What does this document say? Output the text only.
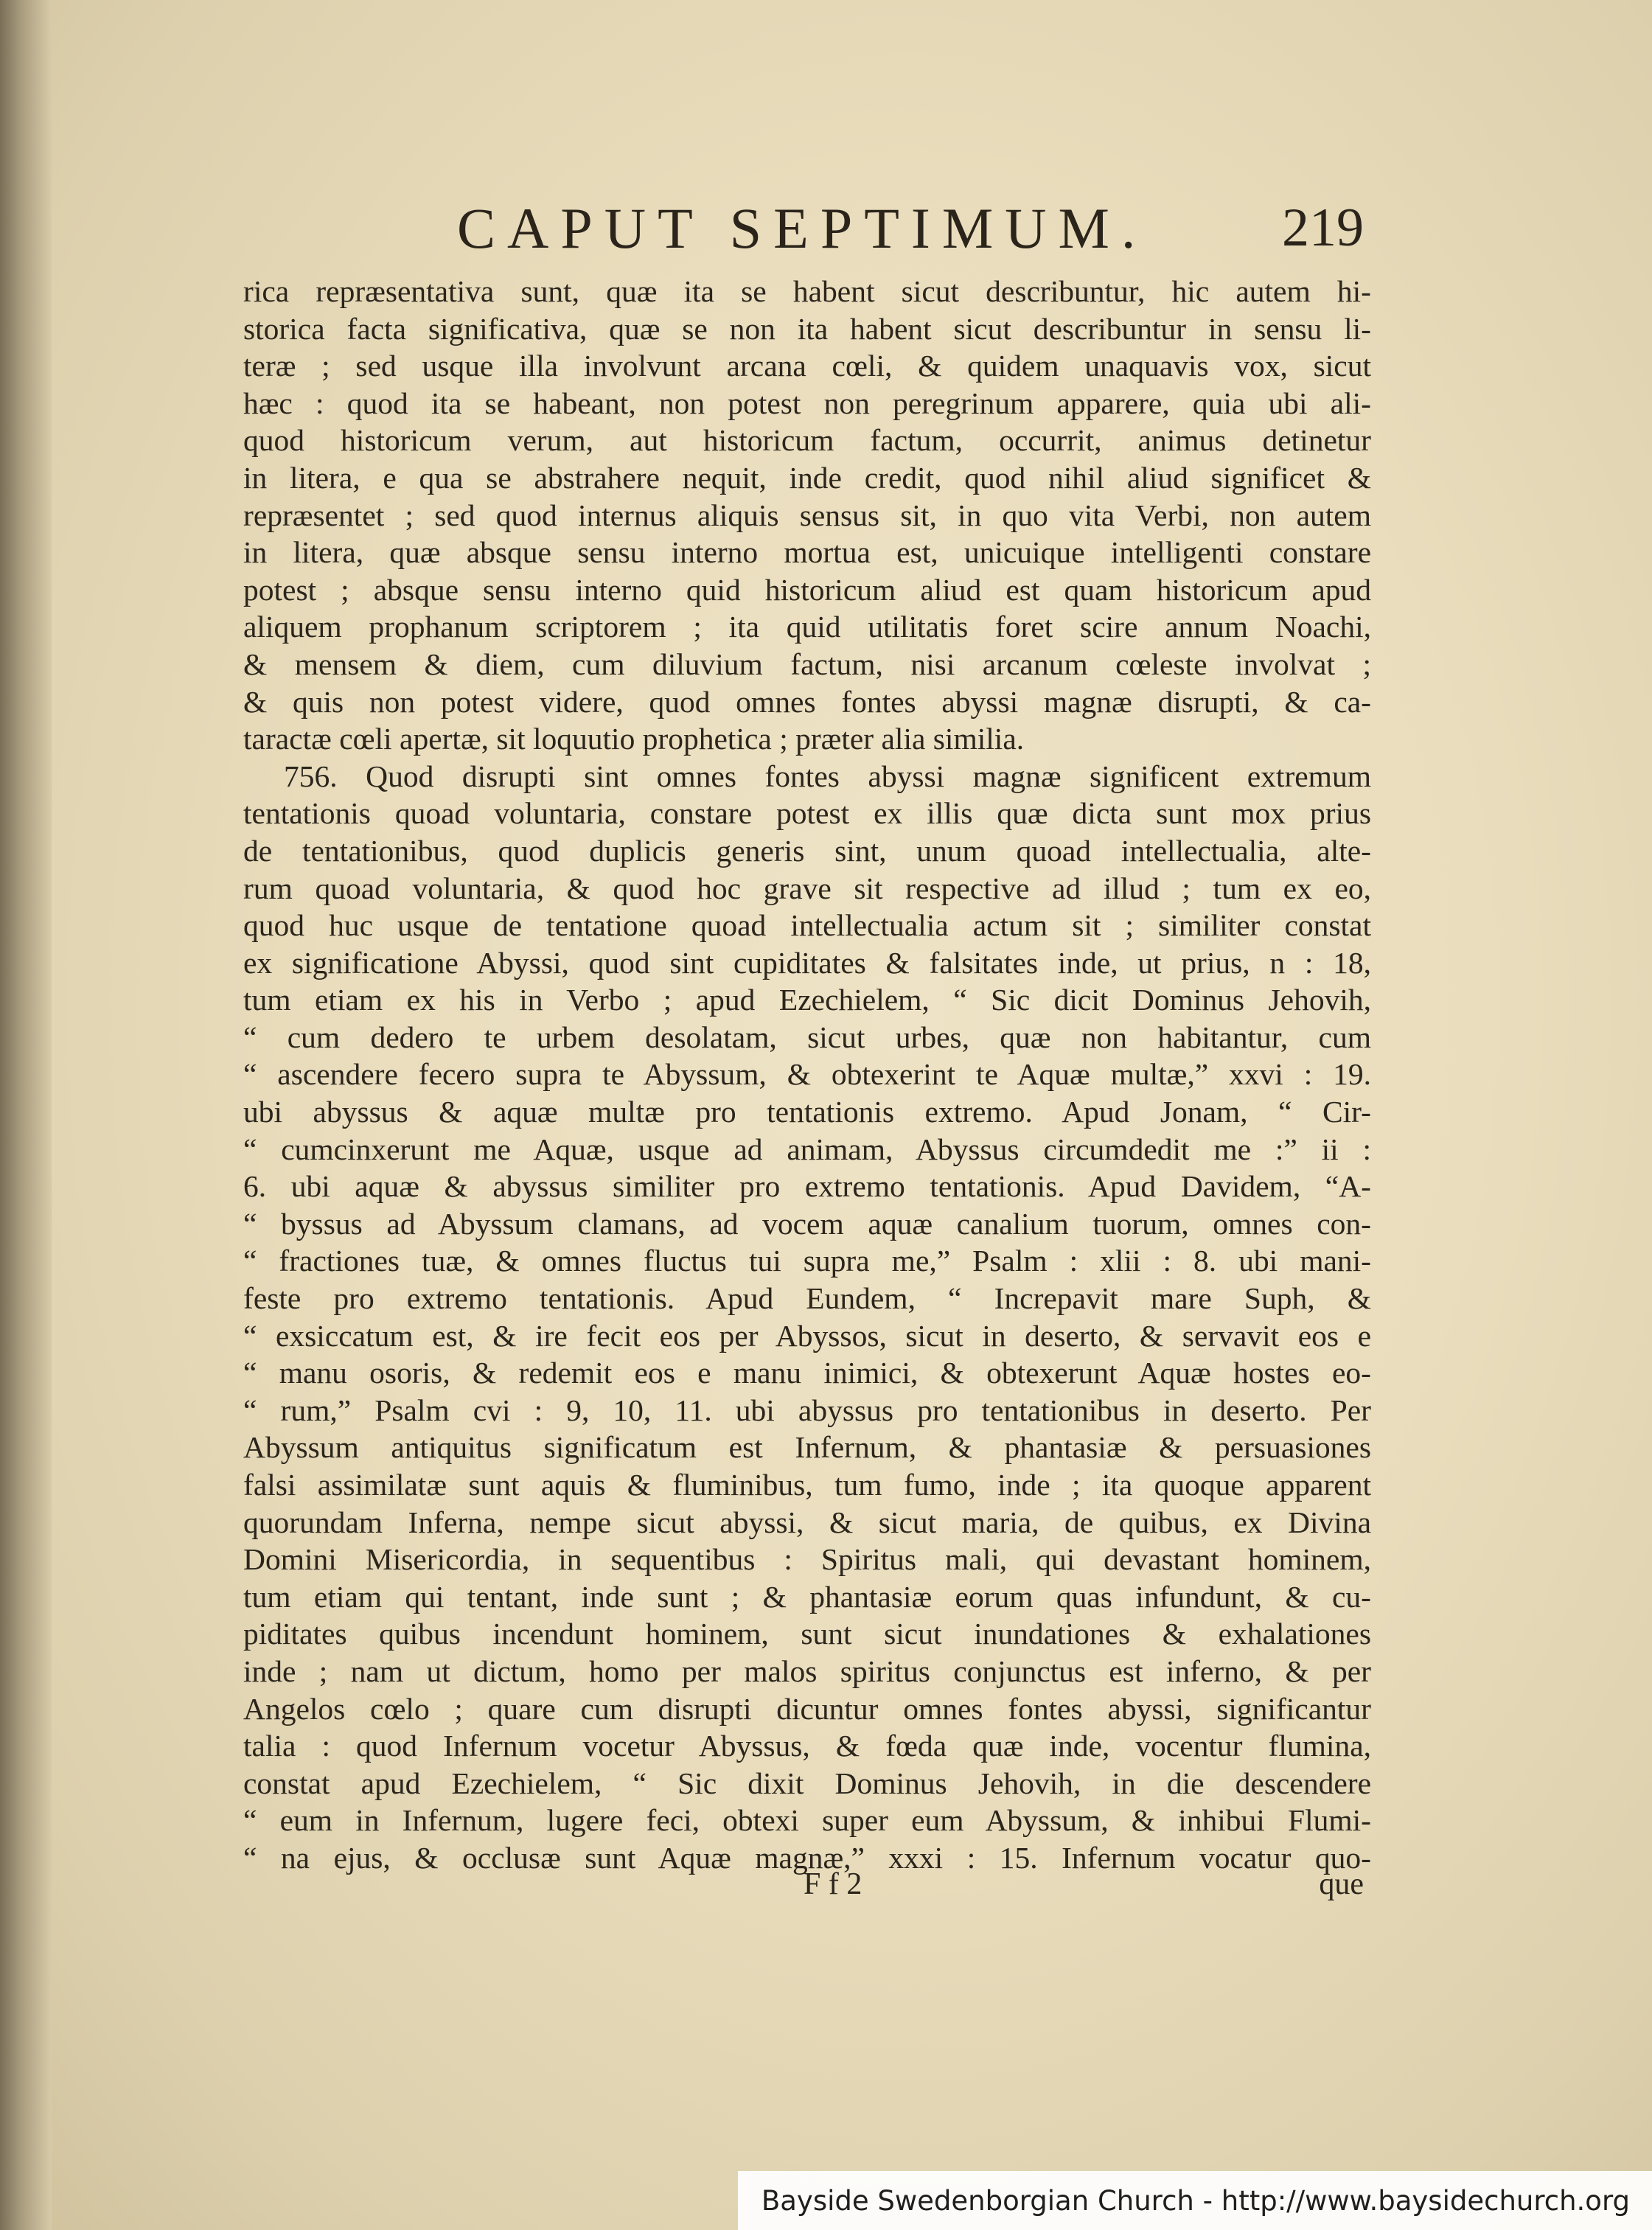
CAPUT SEPTIMUM. 219
rica repræsentativa sunt, quæ ita se habent sicut describuntur, hic autem hi-
storica facta significativa, quæ se non ita habent sicut describuntur in sensu li-
teræ ; sed usque illa involvunt arcana cœli, & quidem unaquavis vox, sicut
hæc : quod ita se habeant, non potest non peregrinum apparere, quia ubi ali-
quod historicum verum, aut historicum factum, occurrit, animus detinetur
in litera, e qua se abstrahere nequit, inde credit, quod nihil aliud significet &
repræsentet ; sed quod internus aliquis sensus sit, in quo vita Verbi, non autem
in litera, quæ absque sensu interno mortua est, unicuique intelligenti constare
potest ; absque sensu interno quid historicum aliud est quam historicum apud
aliquem prophanum scriptorem ; ita quid utilitatis foret scire annum Noachi,
& mensem & diem, cum diluvium factum, nisi arcanum cœleste involvat ;
& quis non potest videre, quod omnes fontes abyssi magnæ disrupti, & ca-
taractæ cœli apertæ, sit loquutio prophetica ; præter alia similia.
756. Quod disrupti sint omnes fontes abyssi magnæ significent extremum
tentationis quoad voluntaria, constare potest ex illis quæ dicta sunt mox prius
de tentationibus, quod duplicis generis sint, unum quoad intellectualia, alte-
rum quoad voluntaria, & quod hoc grave sit respective ad illud ; tum ex eo,
quod huc usque de tentatione quoad intellectualia actum sit ; similiter constat
ex significatione Abyssi, quod sint cupiditates & falsitates inde, ut prius, n : 18,
tum etiam ex his in Verbo ; apud Ezechielem, “ Sic dicit Dominus Jehovih,
“ cum dedero te urbem desolatam, sicut urbes, quæ non habitantur, cum
“ ascendere fecero supra te Abyssum, & obtexerint te Aquæ multæ,” xxvi : 19.
ubi abyssus & aquæ multæ pro tentationis extremo. Apud Jonam, “ Cir-
“ cumcinxerunt me Aquæ, usque ad animam, Abyssus circumdedit me :” ii :
6. ubi aquæ & abyssus similiter pro extremo tentationis. Apud Davidem, “A-
“ byssus ad Abyssum clamans, ad vocem aquæ canalium tuorum, omnes con-
“ fractiones tuæ, & omnes fluctus tui supra me,” Psalm : xlii : 8. ubi mani-
feste pro extremo tentationis. Apud Eundem, “ Increpavit mare Suph, &
“ exsiccatum est, & ire fecit eos per Abyssos, sicut in deserto, & servavit eos e
“ manu osoris, & redemit eos e manu inimici, & obtexerunt Aquæ hostes eo-
“ rum,” Psalm cvi : 9, 10, 11. ubi abyssus pro tentationibus in deserto. Per
Abyssum antiquitus significatum est Infernum, & phantasiæ & persuasiones
falsi assimilatæ sunt aquis & fluminibus, tum fumo, inde ; ita quoque apparent
quorundam Inferna, nempe sicut abyssi, & sicut maria, de quibus, ex Divina
Domini Misericordia, in sequentibus : Spiritus mali, qui devastant hominem,
tum etiam qui tentant, inde sunt ; & phantasiæ eorum quas infundunt, & cu-
piditates quibus incendunt hominem, sunt sicut inundationes & exhalationes
inde ; nam ut dictum, homo per malos spiritus conjunctus est inferno, & per
Angelos cœlo ; quare cum disrupti dicuntur omnes fontes abyssi, significantur
talia : quod Infernum vocetur Abyssus, & fœda quæ inde, vocentur flumina,
constat apud Ezechielem, “ Sic dixit Dominus Jehovih, in die descendere
“ eum in Infernum, lugere feci, obtexi super eum Abyssum, & inhibui Flumi-
“ na ejus, & occlusæ sunt Aquæ magnæ,” xxxi : 15. Infernum vocatur quo-
F f 2	que
Bayside Swedenborgian Church - http://www.baysidechurch.org
